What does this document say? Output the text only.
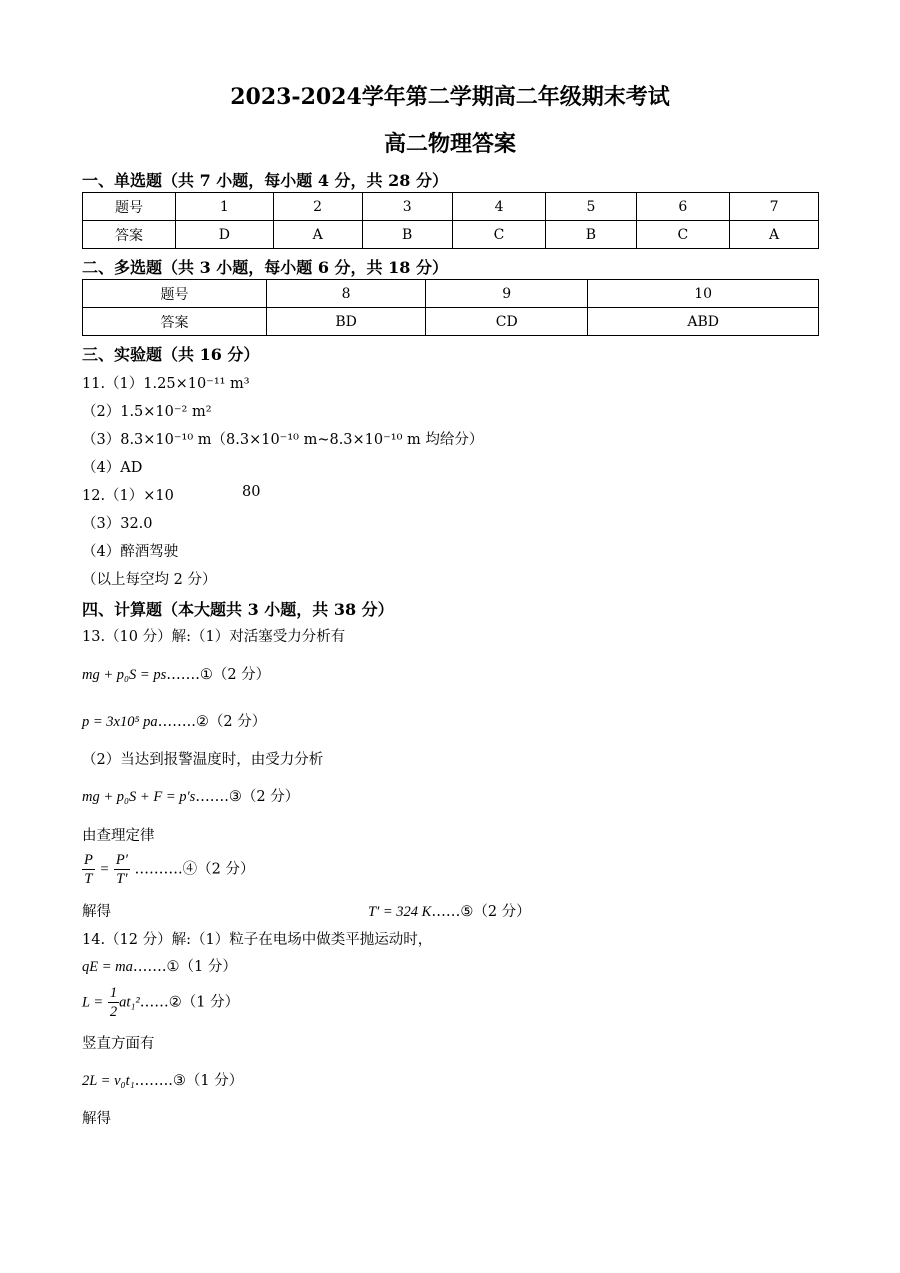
2023-2024学年第二学期高二年级期末考试
高二物理答案
一、单选题（共 7 小题，每小题 4 分，共 28 分）
题号	1	2	3	4	5	6	7
答案	D	A	B	C	B	C	A
二、多选题（共 3 小题，每小题 6 分，共 18 分）
题号	8	9	10
答案	BD	CD	ABD
三、实验题（共 16 分）
11.（1）1.25×10⁻¹¹ m³
（2）1.5×10⁻² m²
（3）8.3×10⁻¹⁰ m（8.3×10⁻¹⁰ m~8.3×10⁻¹⁰ m 均给分）
（4）AD
12.（1）×10	80
（3）32.0
（4）醉酒驾驶
（以上每空均 2 分）
四、计算题（本大题共 3 小题，共 38 分）
13.（10 分）解:（1）对活塞受力分析有
mg + p₀S = ps…….①（2 分）
p = 3x10⁵ pa……..②（2 分）
（2）当达到报警温度时，由受力分析
mg + p₀S + F = p′s…….③（2 分）
由查理定律
$\frac{P}{T} = \frac{P'}{T'}$ ……….④（2 分）
解得	T′ = 324 K……⑤（2 分）
14.（12 分）解:（1）粒子在电场中做类平抛运动时，
qE = ma…….①（1 分）
$L = \frac{1}{2}$ at₁²……②（1 分）
竖直方面有
2L = v₀t₁……..③（1 分）
解得
